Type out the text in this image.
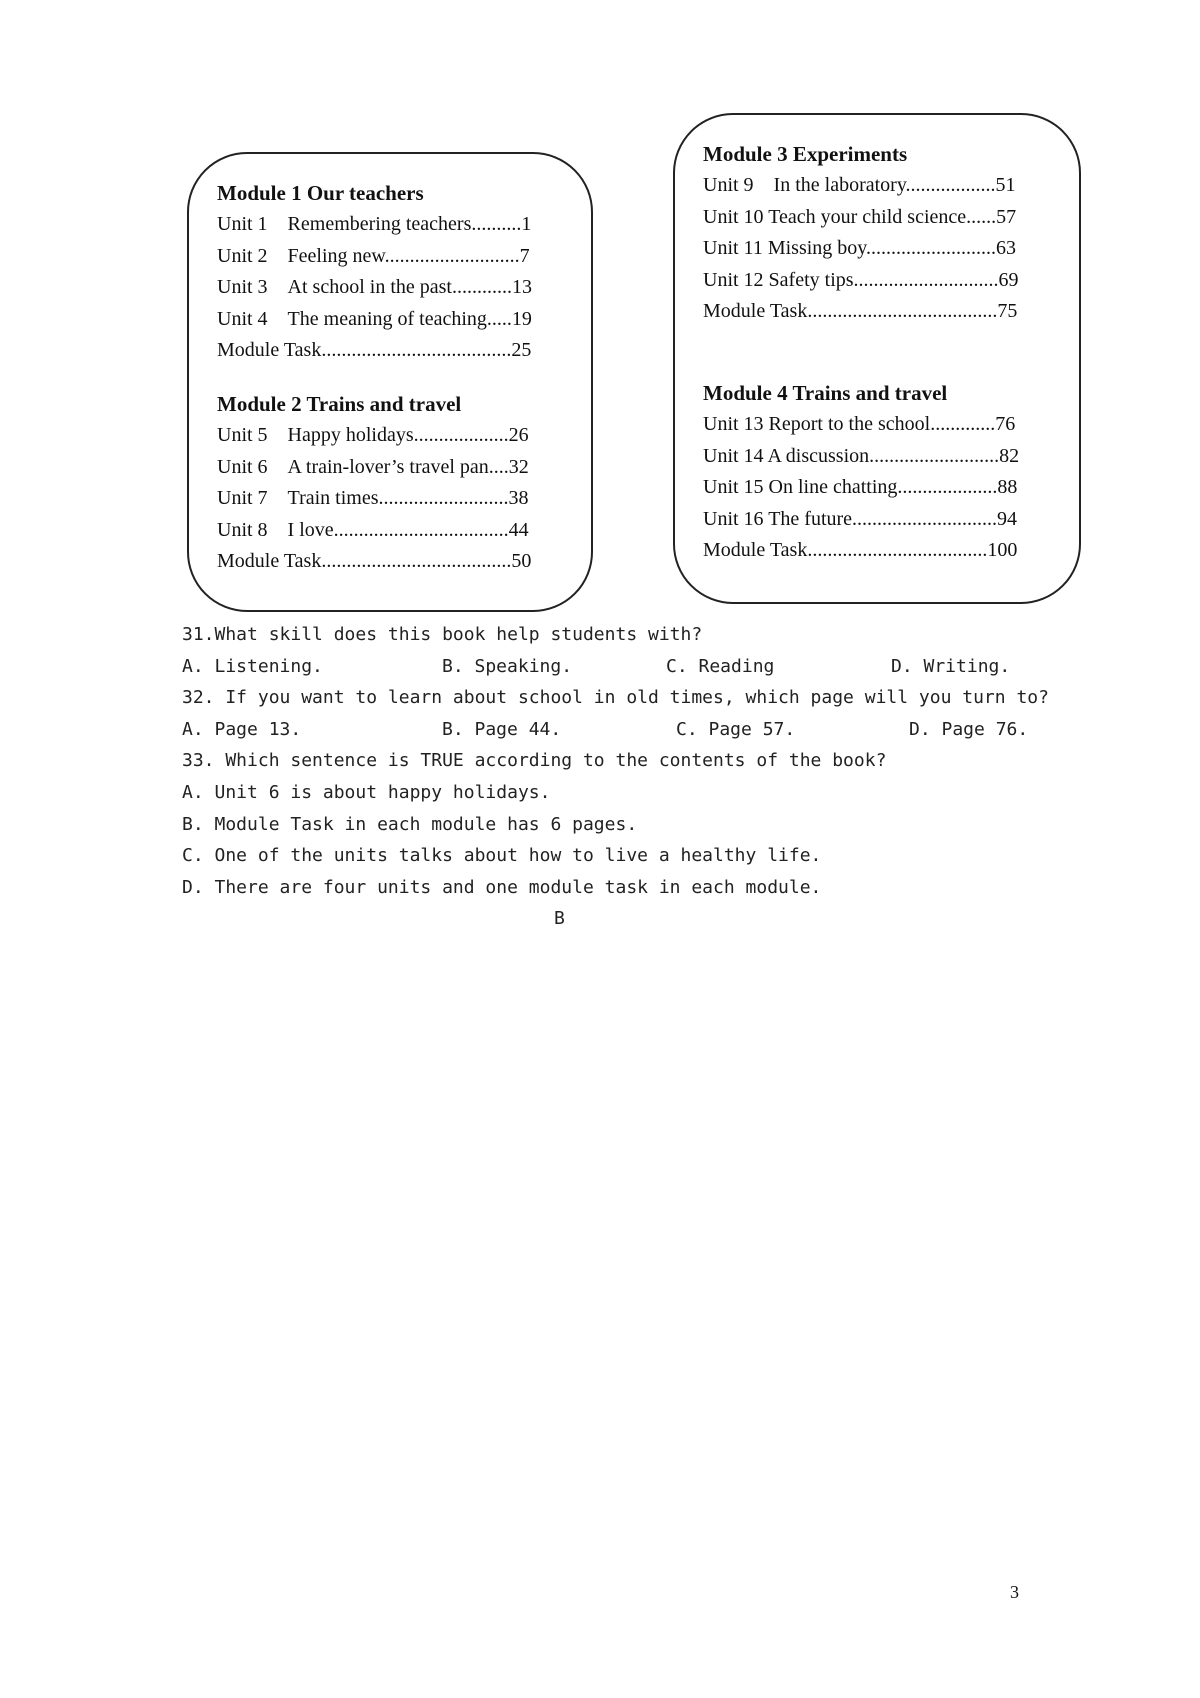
Module 1 Our teachers
Unit 1    Remembering teachers..........1
Unit 2    Feeling new...........................7
Unit 3    At school in the past............13
Unit 4    The meaning of teaching.....19
Module Task......................................25
Module 2 Trains and travel
Unit 5    Happy holidays...................26
Unit 6    A train-lover’s travel pan....32
Unit 7    Train times..........................38
Unit 8    I love...................................44
Module Task......................................50
Module 3 Experiments
Unit 9    In the laboratory..................51
Unit 10 Teach your child science......57
Unit 11 Missing boy..........................63
Unit 12 Safety tips.............................69
Module Task......................................75
Module 4 Trains and travel
Unit 13 Report to the school.............76
Unit 14 A discussion..........................82
Unit 15 On line chatting....................88
Unit 16 The future.............................94
Module Task....................................100
31.What skill does this book help students with?
A. Listening.	B. Speaking.	C. Reading	D. Writing.
32. If you want to learn about school in old times, which page will you turn to?
A. Page 13.	B. Page 44.	C. Page 57.	D. Page 76.
33. Which sentence is TRUE according to the contents of the book?
A. Unit 6 is about happy holidays.
B. Module Task in each module has 6 pages.
C. One of the units talks about how to live a healthy life.
D. There are four units and one module task in each module.
B
3
